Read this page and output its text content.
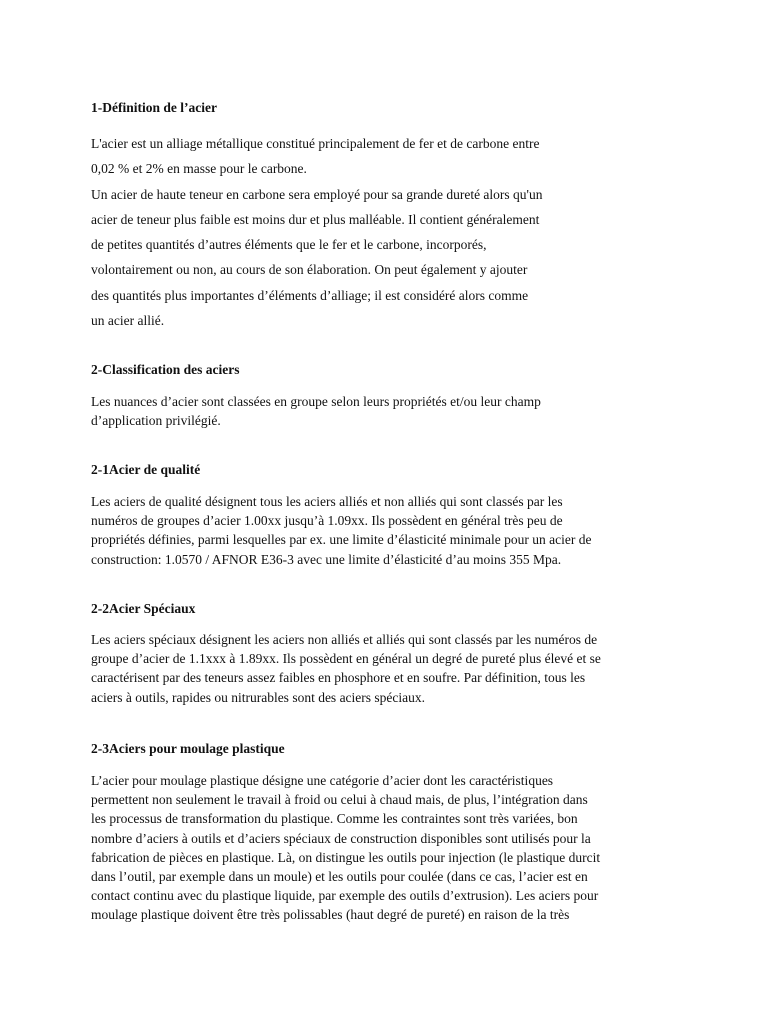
1-Définition de l’acier

L'acier est un alliage métallique constitué principalement de fer et de carbone entre

0,02 % et 2% en masse pour le carbone.

Un acier de haute teneur en carbone sera employé pour sa grande dureté alors qu'un

acier de teneur plus faible est moins dur et plus malléable. Il contient généralement

de petites quantités d’autres éléments que le fer et le carbone, incorporés,

volontairement ou non, au cours de son élaboration. On peut également y ajouter

des quantités plus importantes d’éléments d’alliage; il est considéré alors comme

un acier allié.

2-Classification des aciers

Les nuances d’acier sont classées en groupe selon leurs propriétés et/ou leur champ

d’application privilégié.

2-1Acier de qualité

Les aciers de qualité désignent tous les aciers alliés et non alliés qui sont classés par les

numéros de groupes d’acier 1.00xx jusqu’à 1.09xx. Ils possèdent en général très peu de

propriétés définies, parmi lesquelles par ex. une limite d’élasticité minimale pour un acier de

construction: 1.0570 / AFNOR E36-3 avec une limite d’élasticité d’au moins 355 Mpa.

2-2Acier Spéciaux

Les aciers spéciaux désignent les aciers non alliés et alliés qui sont classés par les numéros de

groupe d’acier de 1.1xxx à 1.89xx. Ils possèdent en général un degré de pureté plus élevé et se

caractérisent par des teneurs assez faibles en phosphore et en soufre. Par définition, tous les

aciers à outils, rapides ou nitrurables sont des aciers spéciaux.

2-3Aciers pour moulage plastique

L’acier pour moulage plastique désigne une catégorie d’acier dont les caractéristiques

permettent non seulement le travail à froid ou celui à chaud mais, de plus, l’intégration dans

les processus de transformation du plastique. Comme les contraintes sont très variées, bon

nombre d’aciers à outils et d’aciers spéciaux de construction disponibles sont utilisés pour la

fabrication de pièces en plastique. Là, on distingue les outils pour injection (le plastique durcit

dans l’outil, par exemple dans un moule) et les outils pour coulée (dans ce cas, l’acier est en

contact continu avec du plastique liquide, par exemple des outils d’extrusion). Les aciers pour

moulage plastique doivent être très polissables (haut degré de pureté) en raison de la très
